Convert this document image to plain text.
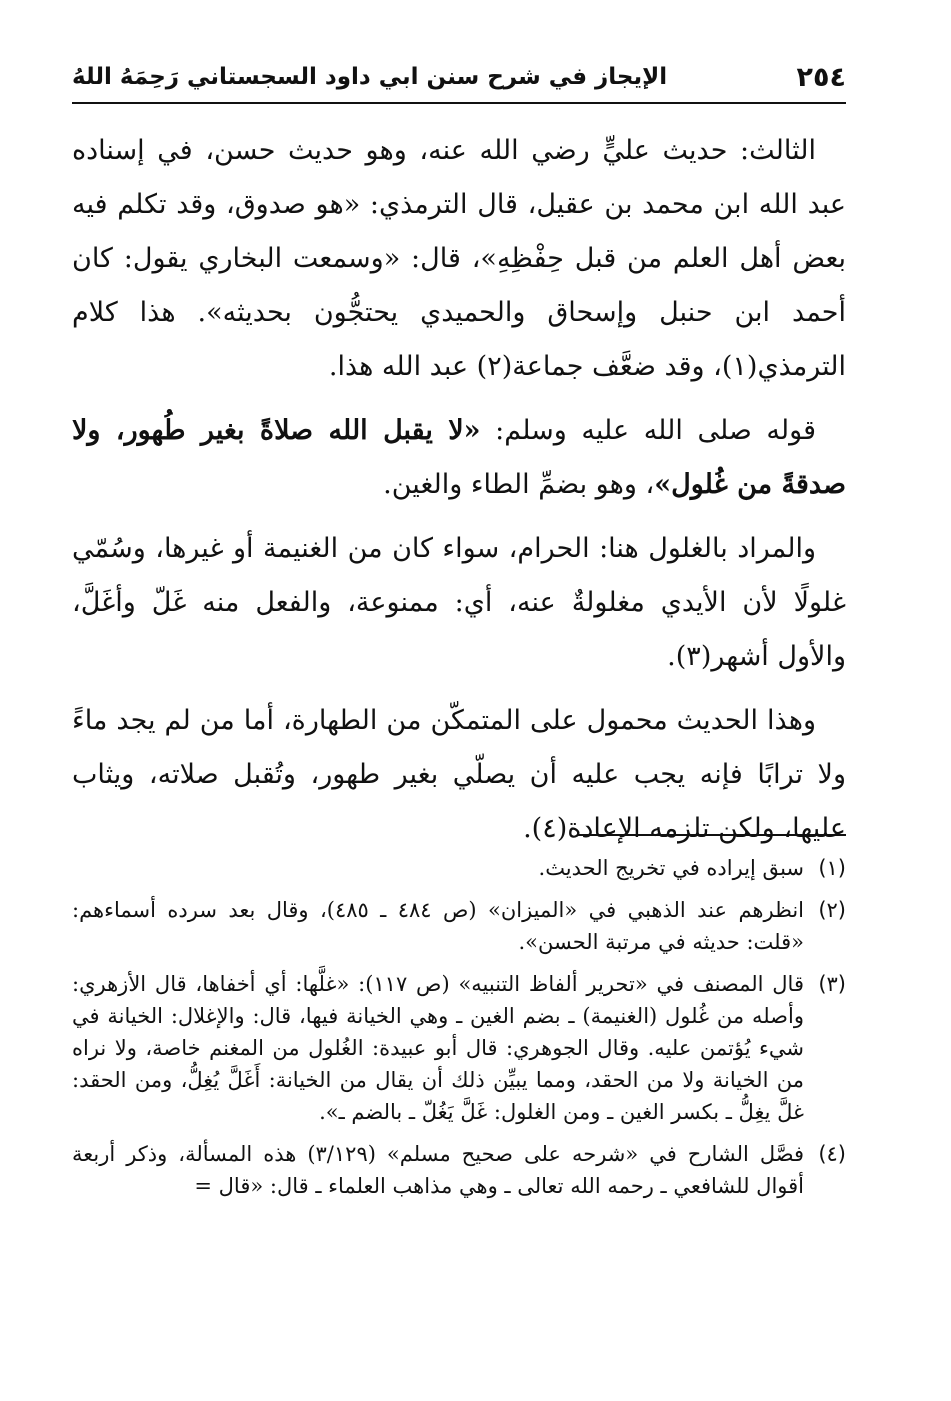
٢٥٤
الإيجاز في شرح سنن ابي داود السجستاني رَحِمَهُ اللهُ

الثالث: حديث عليٍّ رضي الله عنه، وهو حديث حسن، في إسناده عبد الله ابن محمد بن عقيل، قال الترمذي: «هو صدوق، وقد تكلم فيه بعض أهل العلم من قبل حِفْظِهِ»، قال: «وسمعت البخاري يقول: كان أحمد ابن حنبل وإسحاق والحميدي يحتجُّون بحديثه». هذا كلام الترمذي(١)، وقد ضعَّف جماعة(٢) عبد الله هذا.

قوله صلى الله عليه وسلم: «لا يقبل الله صلاةً بغير طُهور، ولا صدقةً من غُلول»، وهو بضمِّ الطاء والغين.

والمراد بالغلول هنا: الحرام، سواء كان من الغنيمة أو غيرها، وسُمّي غلولًا لأن الأيدي مغلولةٌ عنه، أي: ممنوعة، والفعل منه غَلّ وأغَلَّ، والأول أشهر(٣).

وهذا الحديث محمول على المتمكّن من الطهارة، أما من لم يجد ماءً ولا ترابًا فإنه يجب عليه أن يصلّي بغير طهور، وتُقبل صلاته، ويثاب عليها، ولكن تلزمه الإعادة(٤).

(١)
سبق إيراده في تخريج الحديث.
(٢)
انظرهم عند الذهبي في «الميزان» (ص ٤٨٤ ـ ٤٨٥)، وقال بعد سرده أسماءهم: «قلت: حديثه في مرتبة الحسن».
(٣)
قال المصنف في «تحرير ألفاظ التنبيه» (ص ١١٧): «غلَّها: أي أخفاها، قال الأزهري: وأصله من غُلول (الغنيمة) ـ بضم الغين ـ وهي الخيانة فيها، قال: والإغلال: الخيانة في شيء يُؤتمن عليه. وقال الجوهري: قال أبو عبيدة: الغُلول من المغنم خاصة، ولا نراه من الخيانة ولا من الحقد، ومما يبيِّن ذلك أن يقال من الخيانة: أَغَلَّ يُغِلُّ، ومن الحقد: غلَّ يغِلُّ ـ بكسر الغين ـ ومن الغلول: غَلَّ يَغُلّ ـ بالضم ـ».
(٤)
فصَّل الشارح في «شرحه على صحيح مسلم» (٣/١٢٩) هذه المسألة، وذكر أربعة أقوال للشافعي ـ رحمه الله تعالى ـ وهي مذاهب العلماء ـ قال: «قال =
